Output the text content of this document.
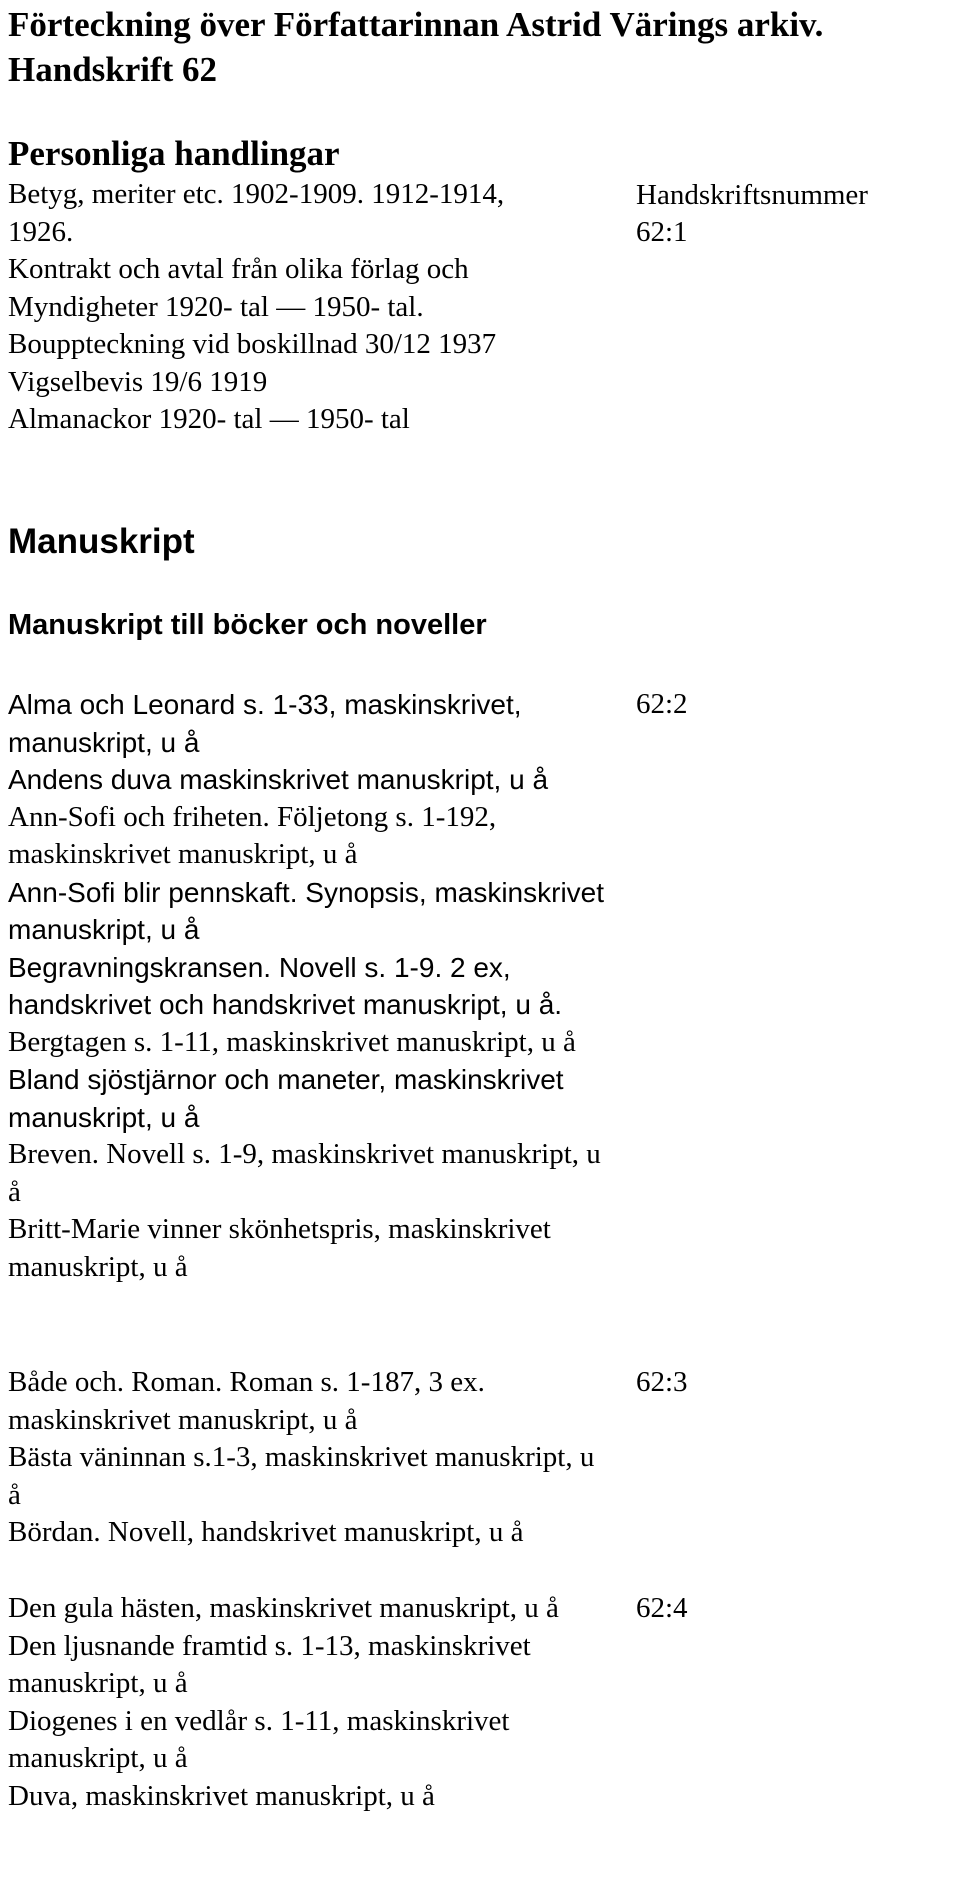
Förteckning över Författarinnan Astrid Värings arkiv. Handskrift 62
Personliga handlingar
Handskriftsnummer
62:1
Betyg, meriter etc. 1902-1909. 1912-1914, 1926.
Kontrakt och avtal från olika förlag och Myndigheter 1920- tal — 1950- tal.
Bouppteckning vid boskillnad 30/12 1937
Vigselbevis 19/6 1919
Almanackor 1920- tal — 1950- tal
Manuskript
Manuskript till böcker och noveller
62:2
Alma och Leonard s. 1-33, maskinskrivet, manuskript, u å
Andens duva maskinskrivet manuskript, u å
Ann-Sofi och friheten. Följetong s. 1-192, maskinskrivet manuskript, u å
Ann-Sofi blir pennskaft. Synopsis, maskinskrivet manuskript, u å
Begravningskransen. Novell s. 1-9. 2 ex, handskrivet och handskrivet manuskript, u å.
Bergtagen s. 1-11, maskinskrivet manuskript, u å
Bland sjöstjärnor och maneter, maskinskrivet manuskript, u å
Breven. Novell s. 1-9, maskinskrivet manuskript, u å
Britt-Marie vinner skönhetspris, maskinskrivet manuskript, u å
62:3
Både och. Roman. Roman s. 1-187, 3 ex. maskinskrivet manuskript, u å
Bästa väninnan s.1-3, maskinskrivet manuskript, u å
Bördan. Novell, handskrivet manuskript, u å
62:4
Den gula hästen, maskinskrivet manuskript, u å
Den ljusnande framtid s. 1-13, maskinskrivet manuskript, u å
Diogenes i en vedlår s. 1-11, maskinskrivet manuskript, u å
Duva, maskinskrivet manuskript, u å
